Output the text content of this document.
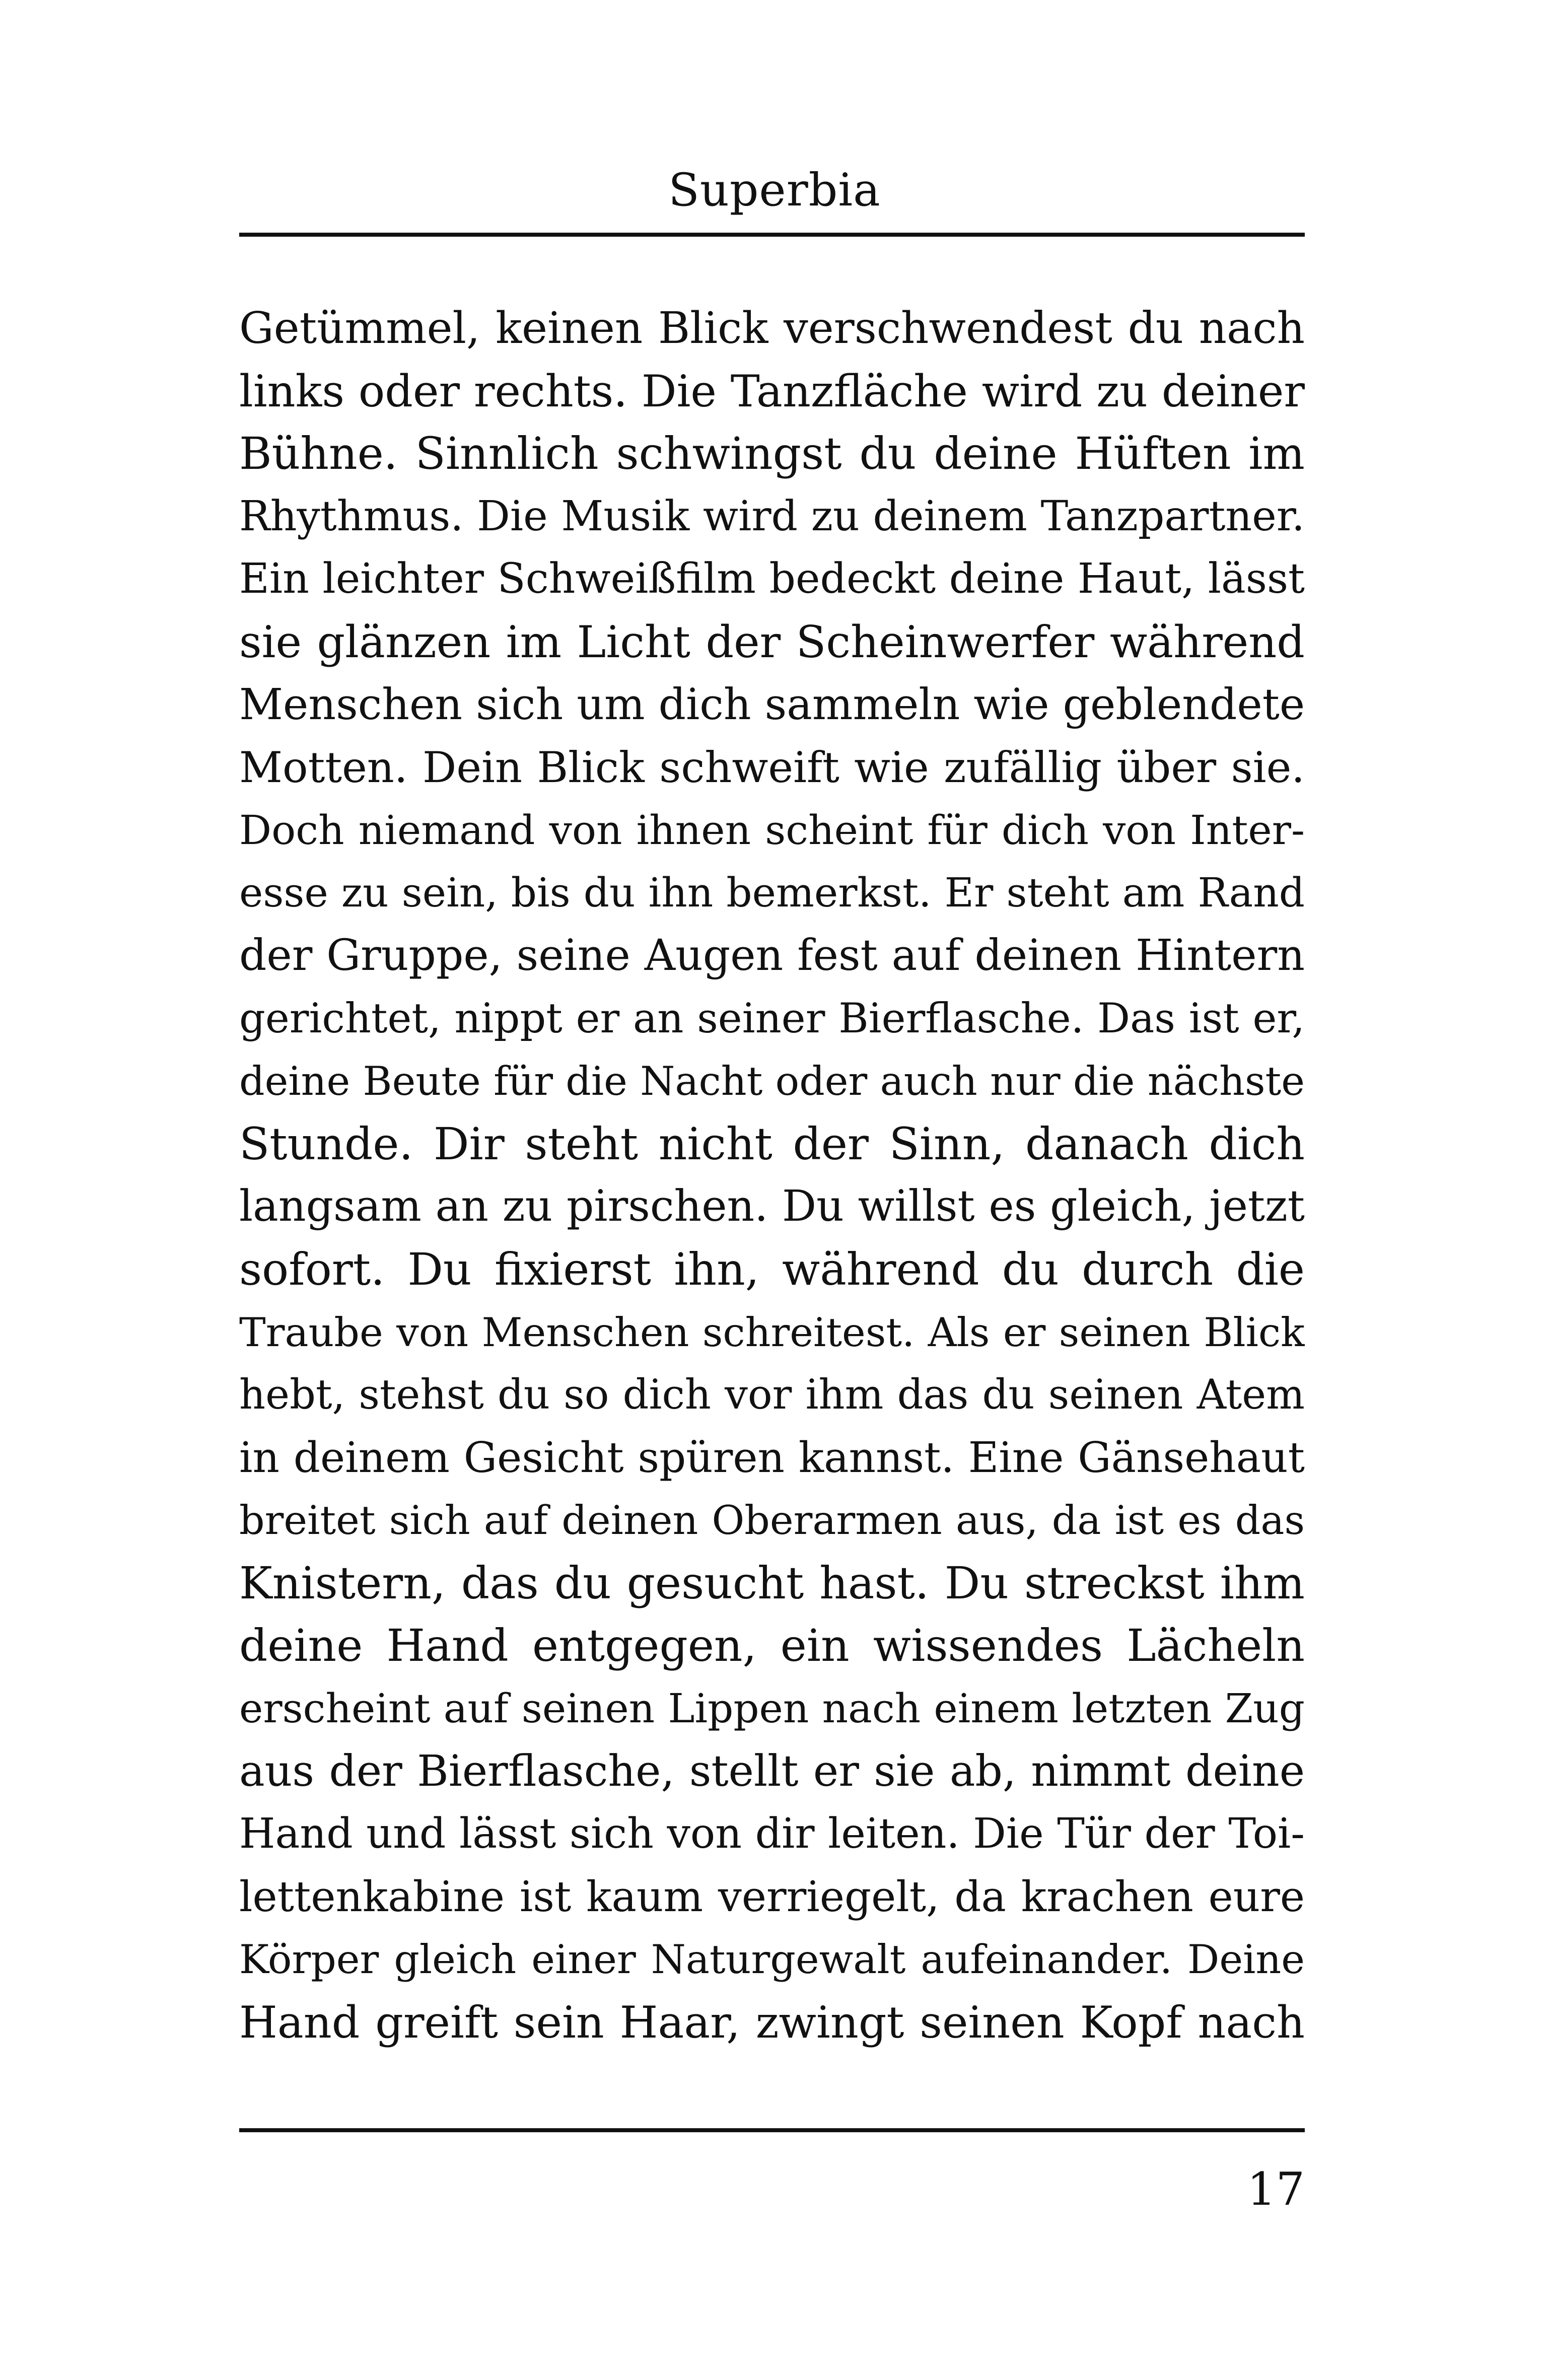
Superbia
Getümmel, keinen Blick verschwendest du nach
links oder rechts. Die Tanzfläche wird zu deiner
Bühne. Sinnlich schwingst du deine Hüften im
Rhythmus. Die Musik wird zu deinem Tanzpartner.
Ein leichter Schweißfilm bedeckt deine Haut, lässt
sie glänzen im Licht der Scheinwerfer während
Menschen sich um dich sammeln wie geblendete
Motten. Dein Blick schweift wie zufällig über sie.
Doch niemand von ihnen scheint für dich von Inter-
esse zu sein, bis du ihn bemerkst. Er steht am Rand
der Gruppe, seine Augen fest auf deinen Hintern
gerichtet, nippt er an seiner Bierflasche. Das ist er,
deine Beute für die Nacht oder auch nur die nächste
Stunde. Dir steht nicht der Sinn, danach dich
langsam an zu pirschen. Du willst es gleich, jetzt
sofort. Du fixierst ihn, während du durch die
Traube von Menschen schreitest. Als er seinen Blick
hebt, stehst du so dich vor ihm das du seinen Atem
in deinem Gesicht spüren kannst. Eine Gänsehaut
breitet sich auf deinen Oberarmen aus, da ist es das
Knistern, das du gesucht hast. Du streckst ihm
deine Hand entgegen, ein wissendes Lächeln
erscheint auf seinen Lippen nach einem letzten Zug
aus der Bierflasche, stellt er sie ab, nimmt deine
Hand und lässt sich von dir leiten. Die Tür der Toi-
lettenkabine ist kaum verriegelt, da krachen eure
Körper gleich einer Naturgewalt aufeinander. Deine
Hand greift sein Haar, zwingt seinen Kopf nach
17
